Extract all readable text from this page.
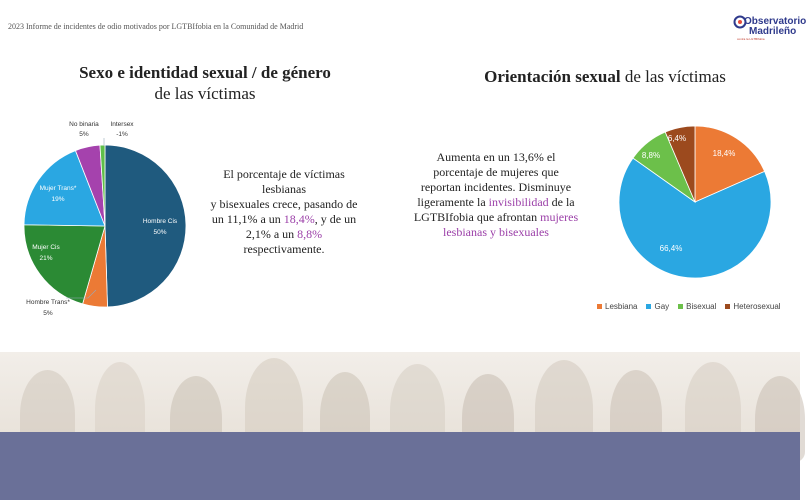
2023 Informe de incidentes de odio motivados por LGTBIfobia en la Comunidad de Madrid	Observatorio
Madrileño
contra la LGTBIfobia
Sexo e identidad sexual / de género
de las víctimas
Orientación sexual de las víctimas
Hombre Cis
50%
Hombre Trans*
5%
Mujer Cis
21%
Mujer Trans*
19%
No binaria
5%
Intersex
-1%
El porcentaje de víctimas lesbianas
y bisexuales crece, pasando de un 11,1% a un 18,4%, y de un 2,1% a un 8,8% respectivamente.
Aumenta en un 13,6% el porcentaje de mujeres que reportan incidentes. Disminuye ligeramente la invisibilidad de la LGTBIfobia que afrontan mujeres lesbianas y bisexuales
18,4%
66,4%
8,8%
6,4%
Lesbiana Gay Bisexual Heterosexual
